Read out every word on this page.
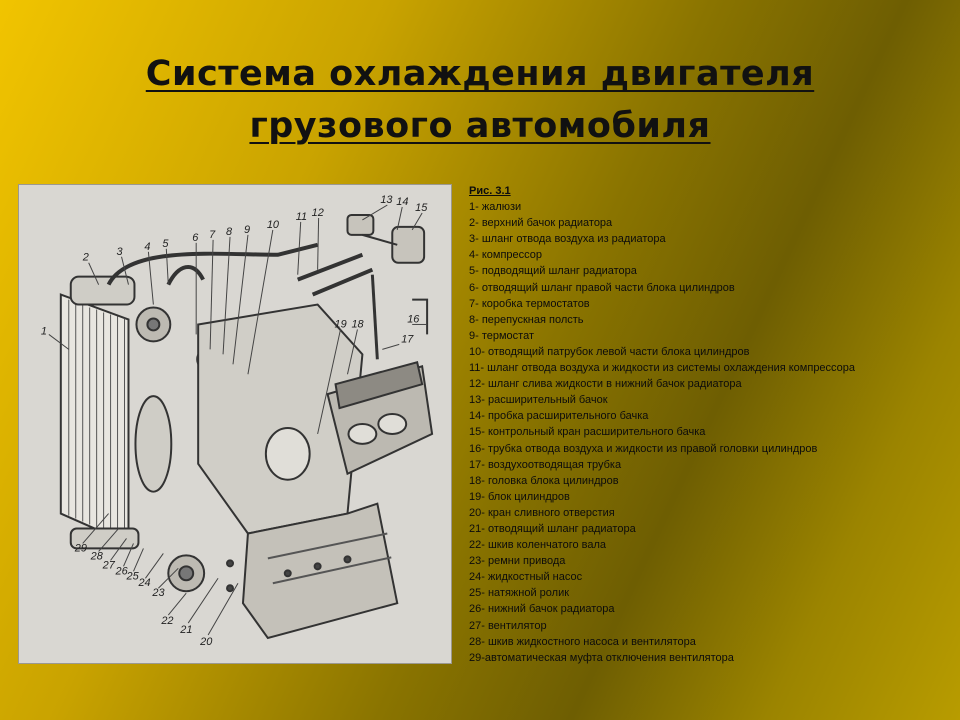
Система охлаждения двигателя
грузового автомобиля
1
2	3 4 5 6 7 8 9 10
11 12
13 14 15
16
17
18
19
20
21
22
23
24
25
26
27
28
29
Рис. 3.1
1- жалюзи
2- верхний бачок радиатора
3- шланг отвода воздуха из радиатора
4- компрессор
5- подводящий шланг радиатора
6- отводящий шланг правой части блока цилиндров
7- коробка термостатов
8- перепускная полсть
9- термостат
10- отводящий патрубок левой части блока цилиндров
11- шланг отвода воздуха и жидкости из системы охлаждения компрессора
12- шланг слива жидкости в нижний бачок радиатора
13- расширительный бачок
14- пробка расширительного бачка
15- контрольный кран расширительного бачка
16- трубка отвода воздуха и жидкости из правой головки цилиндров
17- воздухоотводящая трубка
18- головка блока цилиндров
19- блок цилиндров
20- кран сливного отверстия
21- отводящий шланг радиатора
22- шкив коленчатого вала
23- ремни привода
24- жидкостный насос
25- натяжной ролик
26- нижний бачок радиатора
27- вентилятор
28- шкив жидкостного насоса и вентилятора
29-автоматическая муфта отключения вентилятора
